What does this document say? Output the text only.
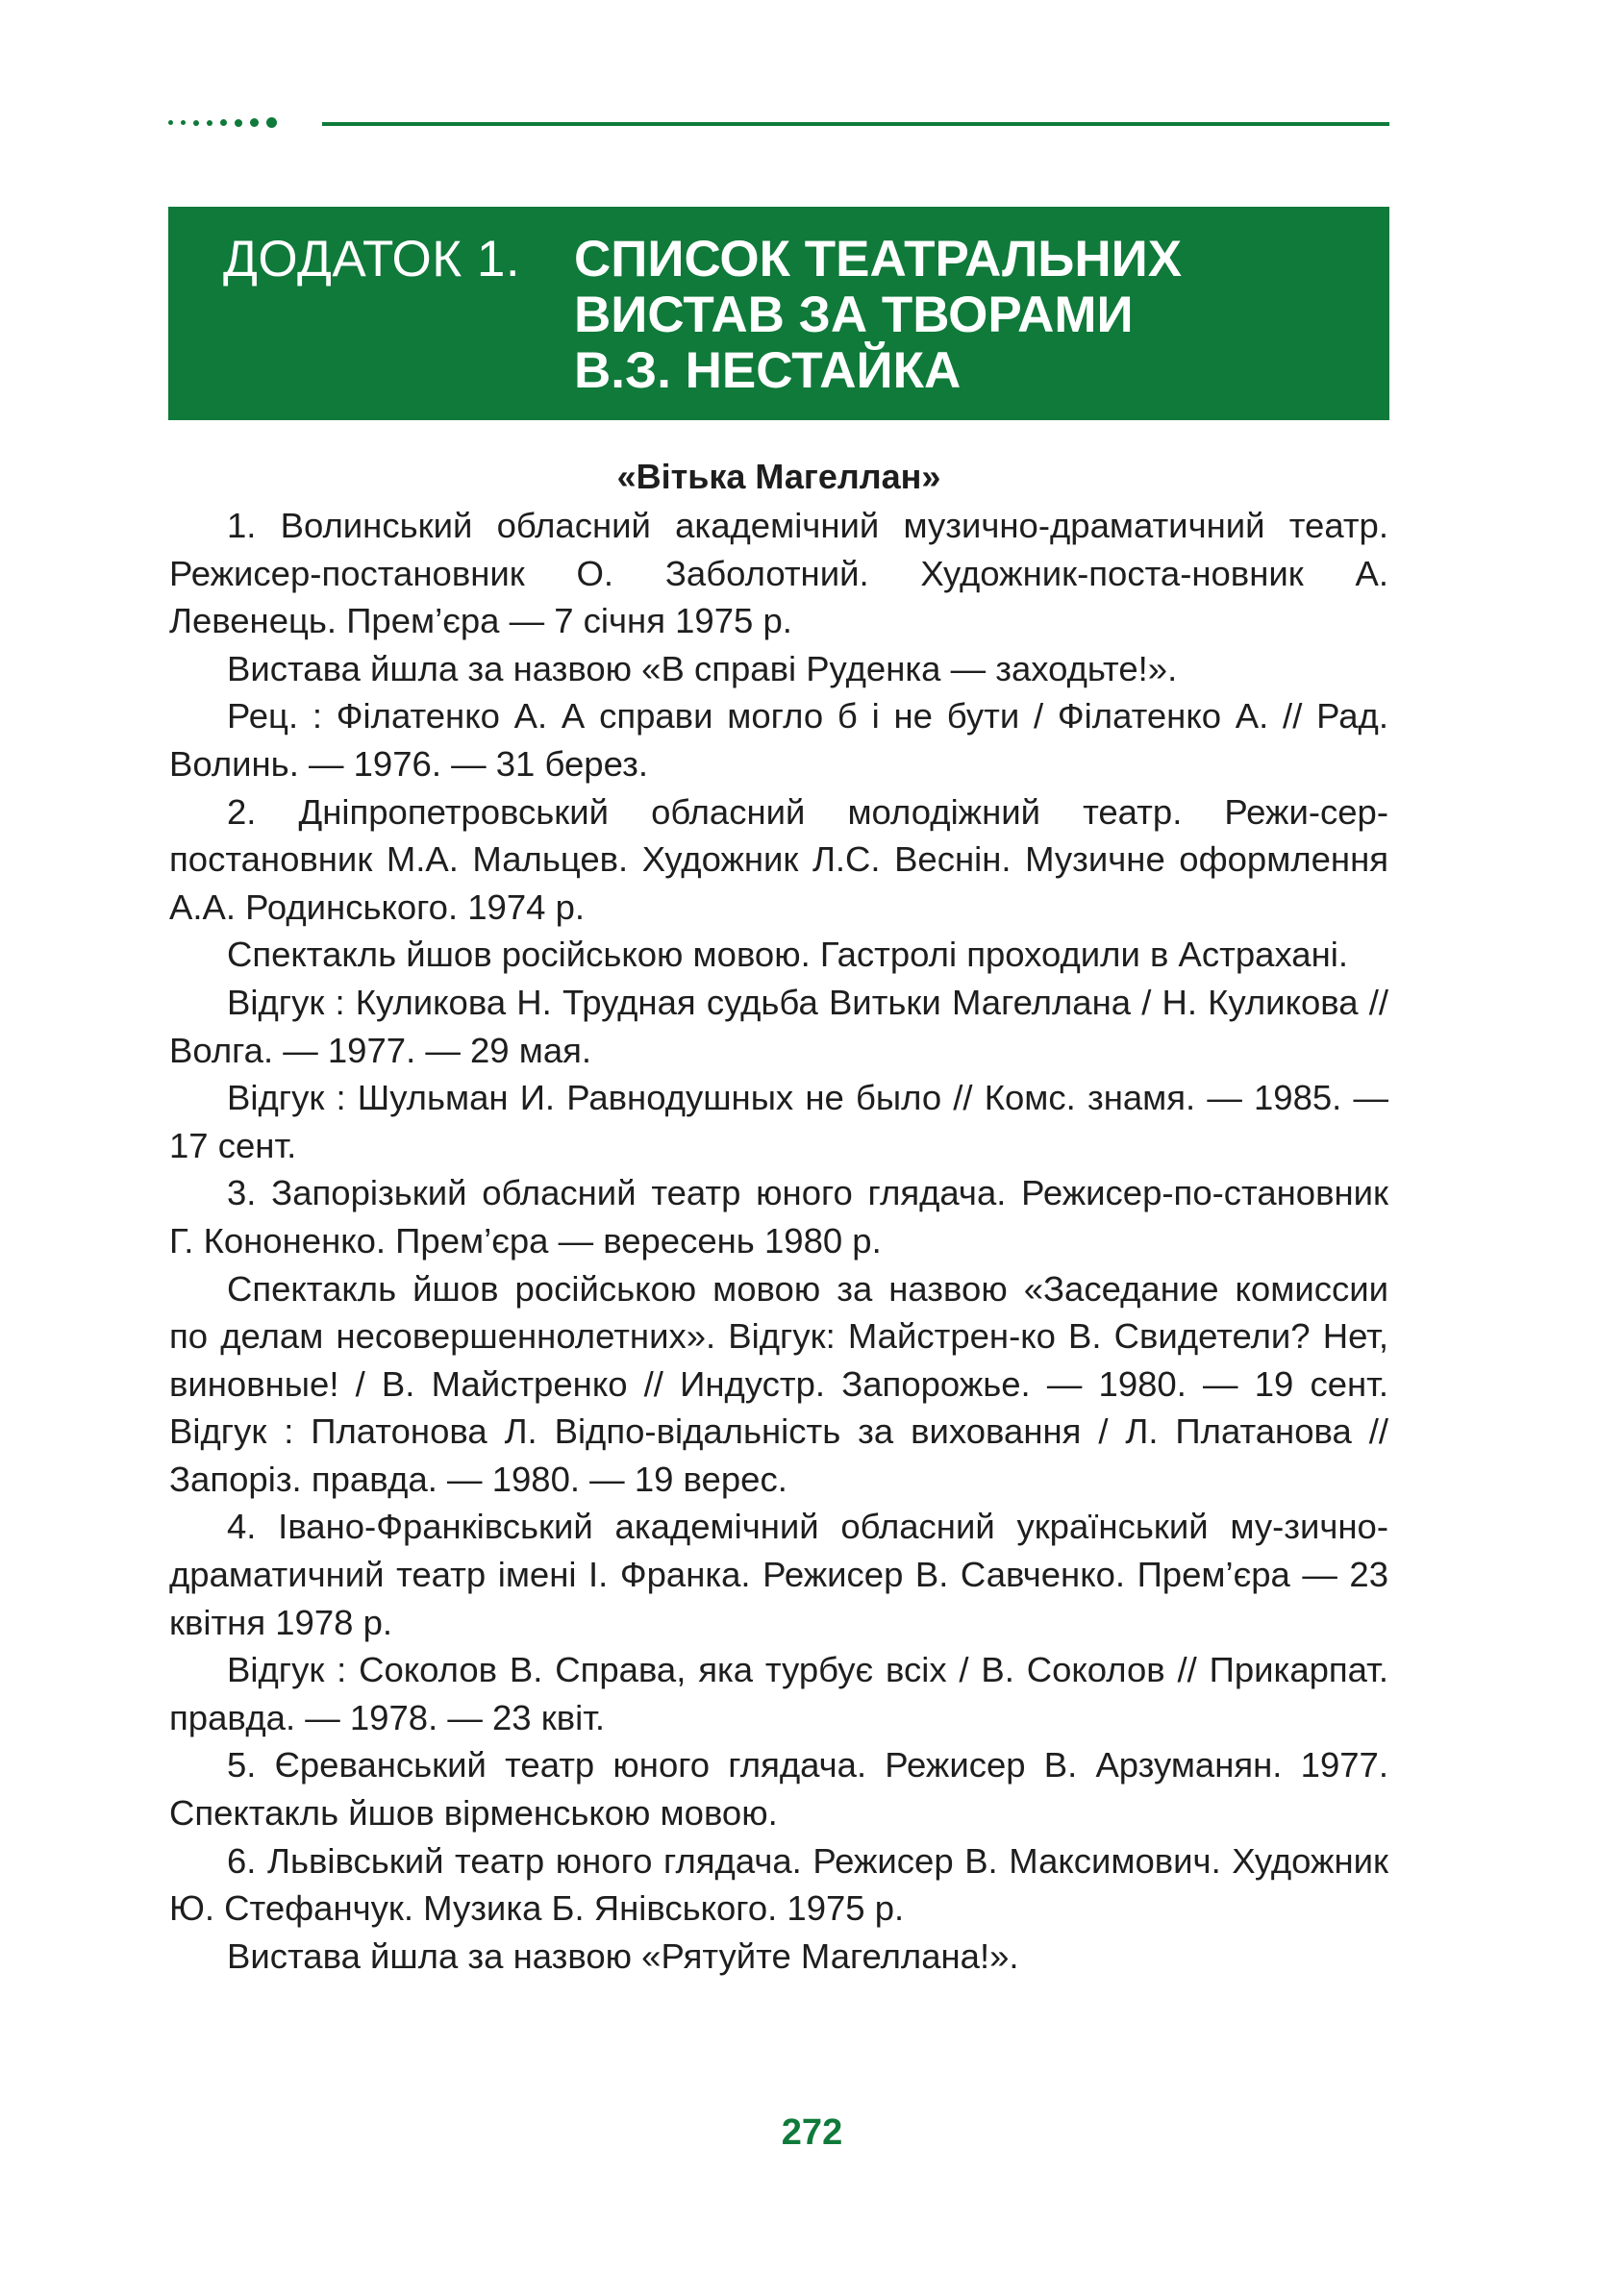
ДОДАТОК 1. СПИСОК ТЕАТРАЛЬНИХ
ВИСТАВ ЗА ТВОРАМИ
В.З. НЕСТАЙКА
«Вітька Магеллан»

1. Волинський обласний академічний музично-драматичний театр. Режисер-постановник О. Заболотний. Художник-поста-новник А. Левенець. Прем’єра — 7 січня 1975 р.

Вистава йшла за назвою «В справі Руденка — заходьте!».

Рец. : Філатенко А. А справи могло б і не бути / Філатенко А. // Рад. Волинь. — 1976. — 31 берез.

2. Дніпропетровський обласний молодіжний театр. Режи-сер-постановник М.А. Мальцев. Художник Л.С. Веснін. Музичне оформлення А.А. Родинського. 1974 р.

Спектакль йшов російською мовою. Гастролі проходили в Астрахані.

Відгук : Куликова Н. Трудная судьба Витьки Магеллана / Н. Куликова // Волга. — 1977. — 29 мая.

Відгук : Шульман И. Равнодушных не было // Комс. знамя. — 1985. — 17 сент.

3. Запорізький обласний театр юного глядача. Режисер-по-становник Г. Кононенко. Прем’єра — вересень 1980 р.

Спектакль йшов російською мовою за назвою «Заседание комиссии по делам несовершеннолетних». Відгук: Майстрен-ко В. Свидетели? Нет, виновные! / В. Майстренко // Индустр. Запорожье. — 1980. — 19 сент. Відгук : Платонова Л. Відпо-відальність за виховання / Л. Платанова // Запоріз. правда. — 1980. — 19 верес.

4. Івано-Франківський академічний обласний український му-зично-драматичний театр імені І. Франка. Режисер В. Савченко. Прем’єра — 23 квітня 1978 р.

Відгук : Соколов В. Справа, яка турбує всіх / В. Соколов // Прикарпат. правда. — 1978. — 23 квіт.

5. Єреванський театр юного глядача. Режисер В. Арзуманян. 1977. Спектакль йшов вірменською мовою.

6. Львівський театр юного глядача. Режисер В. Максимович. Художник Ю. Стефанчук. Музика Б. Янівського. 1975 р.

Вистава йшла за назвою «Рятуйте Магеллана!».

272
